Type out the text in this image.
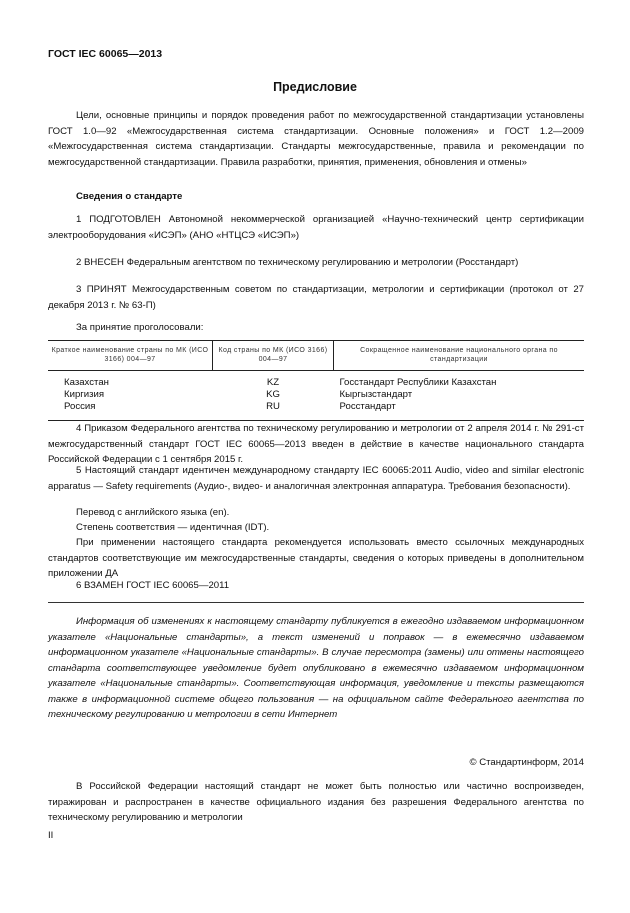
ГОСТ IEC 60065—2013
Предисловие
Цели, основные принципы и порядок проведения работ по межгосударственной стандартизации установлены ГОСТ 1.0—92 «Межгосударственная система стандартизации. Основные положения» и ГОСТ 1.2—2009 «Межгосударственная система стандартизации. Стандарты межгосударственные, правила и рекомендации по межгосударственной стандартизации. Правила разработки, принятия, применения, обновления и отмены»
Сведения о стандарте
1 ПОДГОТОВЛЕН Автономной некоммерческой организацией «Научно-технический центр сертификации электрооборудования «ИСЭП» (АНО «НТЦСЭ «ИСЭП»)
2 ВНЕСЕН Федеральным агентством по техническому регулированию и метрологии (Росстандарт)
3 ПРИНЯТ Межгосударственным советом по стандартизации, метрологии и сертификации (протокол от 27 декабря 2013 г. № 63-П)
За принятие проголосовали:
Краткое наименование страны по МК (ИСО 3166) 004—97	Код страны по МК (ИСО 3166) 004—97	Сокращенное наименование национального органа по стандартизации
Казахстан	KZ	Госстандарт Республики Казахстан
Киргизия	KG	Кыргызстандарт
Россия	RU	Росстандарт
4 Приказом Федерального агентства по техническому регулированию и метрологии от 2 апреля 2014 г. № 291-ст межгосударственный стандарт ГОСТ IEC 60065—2013 введен в действие в качестве национального стандарта Российской Федерации с 1 сентября 2015 г.
5 Настоящий стандарт идентичен международному стандарту IEC 60065:2011 Audio, video and similar electronic apparatus — Safety requirements (Аудио-, видео- и аналогичная электронная аппаратура. Требования безопасности).
Перевод с английского языка (en).
Степень соответствия — идентичная (IDT).
При применении настоящего стандарта рекомендуется использовать вместо ссылочных международных стандартов соответствующие им межгосударственные стандарты, сведения о которых приведены в дополнительном приложении ДА
6 ВЗАМЕН ГОСТ IEC 60065—2011
Информация об изменениях к настоящему стандарту публикуется в ежегодно издаваемом информационном указателе «Национальные стандарты», а текст изменений и поправок — в ежемесячно издаваемом информационном указателе «Национальные стандарты». В случае пересмотра (замены) или отмены настоящего стандарта соответствующее уведомление будет опубликовано в ежемесячно издаваемом информационном указателе «Национальные стандарты». Соответствующая информация, уведомление и тексты размещаются также в информационной системе общего пользования — на официальном сайте Федерального агентства по техническому регулированию и метрологии в сети Интернет
© Стандартинформ, 2014
В Российской Федерации настоящий стандарт не может быть полностью или частично воспроизведен, тиражирован и распространен в качестве официального издания без разрешения Федерального агентства по техническому регулированию и метрологии
II
